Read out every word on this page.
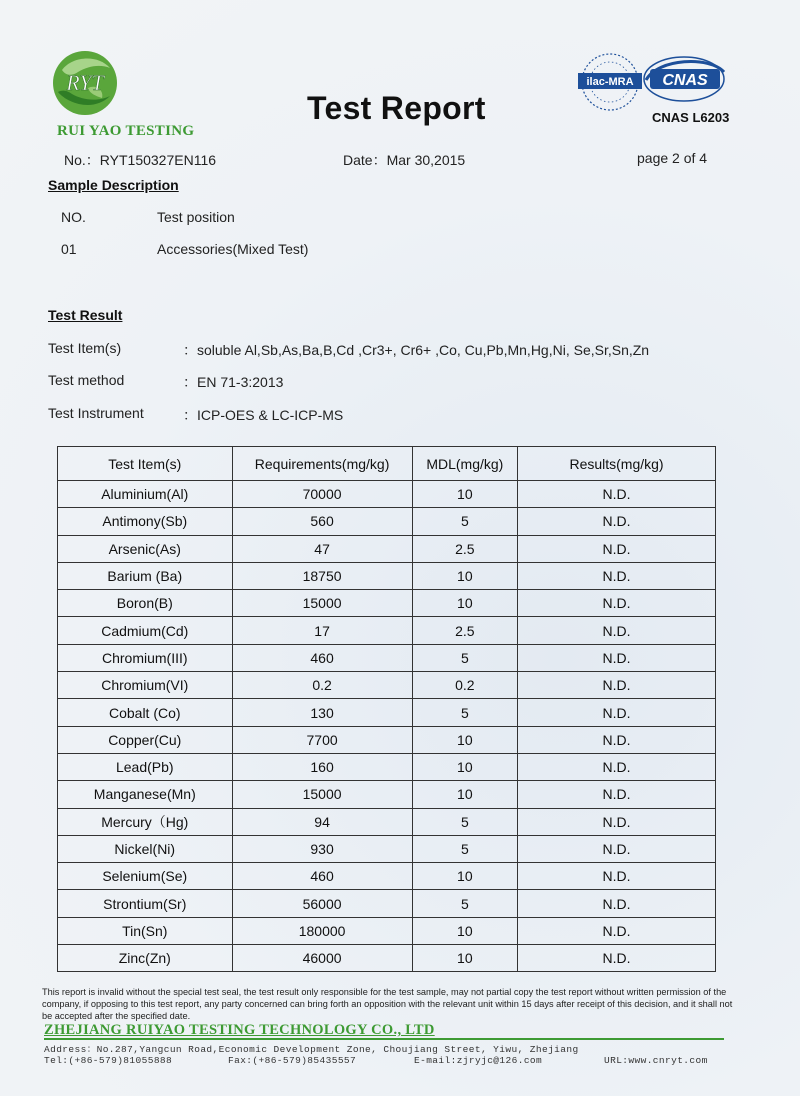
RYT
RUI YAO TESTING
Test Report
ilac-MRA CNAS
CNAS L6203
No.：RYT150327EN116	Date：Mar 30,2015	page 2 of 4
Sample Description
NO.	Test position
01	Accessories(Mixed Test)
Test Result
Test Item(s)	：soluble Al,Sb,As,Ba,B,Cd ,Cr3+, Cr6+ ,Co, Cu,Pb,Mn,Hg,Ni, Se,Sr,Sn,Zn
Test method	：EN 71-3:2013
Test Instrument	：ICP-OES & LC-ICP-MS
Test Item(s)	Requirements(mg/kg)	MDL(mg/kg)	Results(mg/kg)
Aluminium(Al)	70000	10	N.D.
Antimony(Sb)	560	5	N.D.
Arsenic(As)	47	2.5	N.D.
Barium (Ba)	18750	10	N.D.
Boron(B)	15000	10	N.D.
Cadmium(Cd)	17	2.5	N.D.
Chromium(III)	460	5	N.D.
Chromium(VI)	0.2	0.2	N.D.
Cobalt (Co)	130	5	N.D.
Copper(Cu)	7700	10	N.D.
Lead(Pb)	160	10	N.D.
Manganese(Mn)	15000	10	N.D.
Mercury（Hg)	94	5	N.D.
Nickel(Ni)	930	5	N.D.
Selenium(Se)	460	10	N.D.
Strontium(Sr)	56000	5	N.D.
Tin(Sn)	180000	10	N.D.
Zinc(Zn)	46000	10	N.D.
This report is invalid without the special test seal, the test result only responsible for the test sample, may not partial copy the test report without written permission of the company, if opposing to this test report, any party concerned can bring forth an opposition with the relevant unit within 15 days after receipt of this decision, and it shall not be accepted after the specified date.
ZHEJIANG RUIYAO TESTING TECHNOLOGY CO., LTD
Address：No.287,Yangcun Road,Economic Development Zone, Choujiang Street, Yiwu, Zhejiang
Tel:(+86-579)81055888	Fax:(+86-579)85435557	E-mail:zjryjc@126.com	URL:www.cnryt.com
